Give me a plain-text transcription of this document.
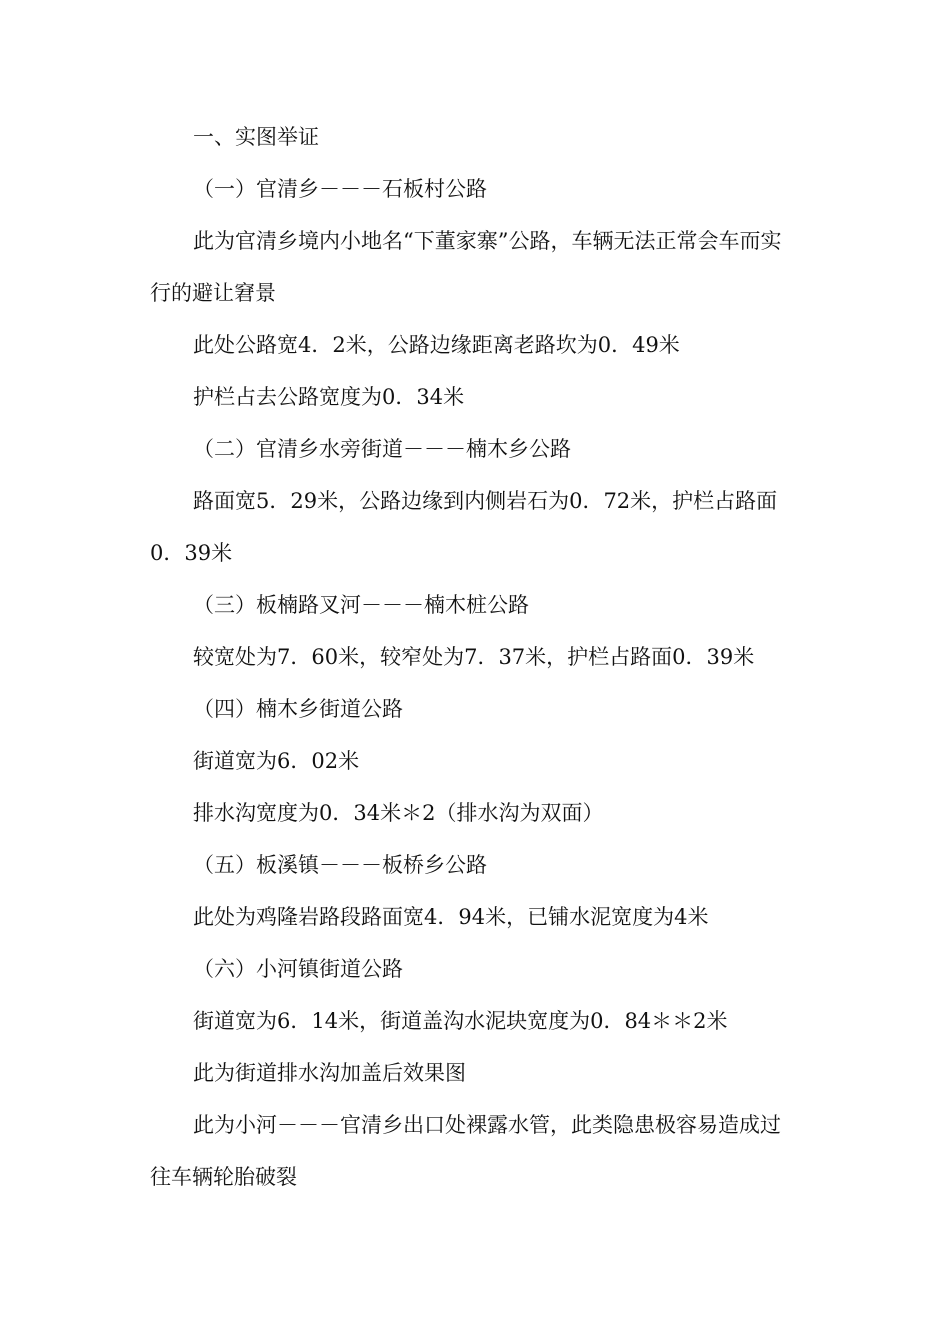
一、实图举证

（一）官清乡－－－石板村公路

此为官清乡境内小地名“下董家寨”公路，车辆无法正常会车而实行的避让窘景

此处公路宽4．2米，公路边缘距离老路坎为0．49米

护栏占去公路宽度为0．34米

（二）官清乡水旁街道－－－楠木乡公路

路面宽5．29米，公路边缘到内侧岩石为0．72米，护栏占路面0．39米

（三）板楠路叉河－－－楠木桩公路

较宽处为7．60米，较窄处为7．37米，护栏占路面0．39米

（四）楠木乡街道公路

街道宽为6．02米

排水沟宽度为0．34米＊2（排水沟为双面）

（五）板溪镇－－－板桥乡公路

此处为鸡隆岩路段路面宽4．94米，已铺水泥宽度为4米

（六）小河镇街道公路

街道宽为6．14米，街道盖沟水泥块宽度为0．84＊＊2米

此为街道排水沟加盖后效果图

此为小河－－－官清乡出口处裸露水管，此类隐患极容易造成过往车辆轮胎破裂
